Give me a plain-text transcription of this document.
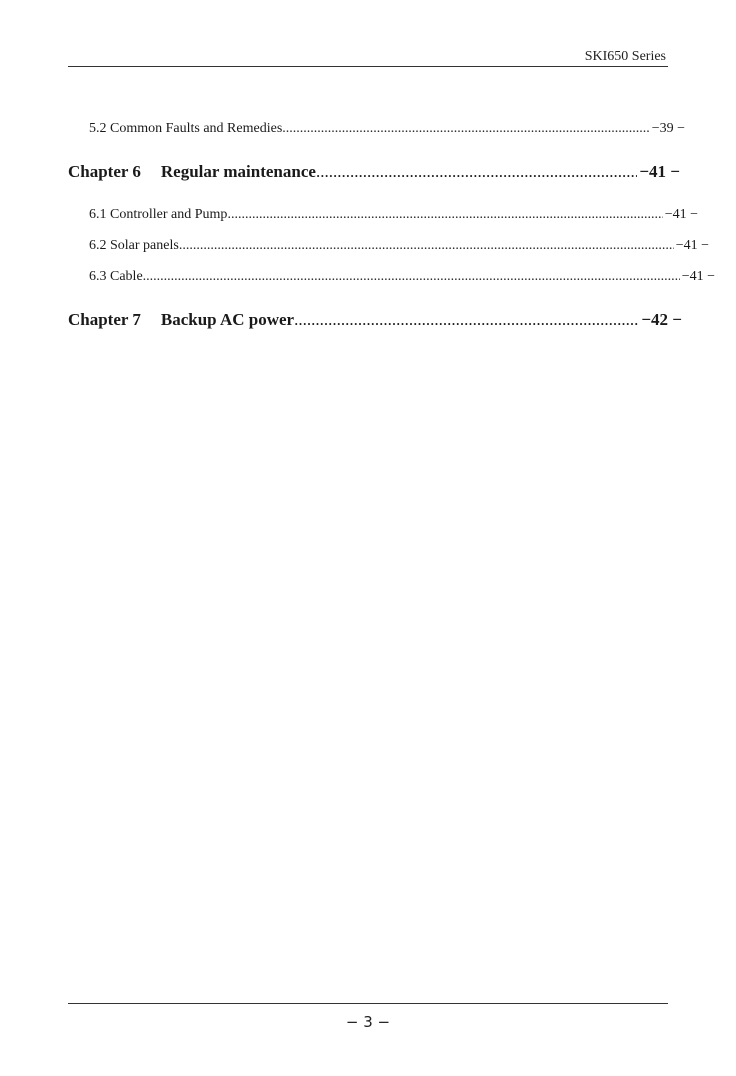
SKI650 Series
5.2 Common Faults and Remedies .....	−39 −
Chapter 6 Regular maintenance .....	−41 −
6.1 Controller and Pump .....	−41 −
6.2 Solar panels .....	−41 −
6.3 Cable .....	−41 −
Chapter 7 Backup AC power .....	−42 −
− 3 −
